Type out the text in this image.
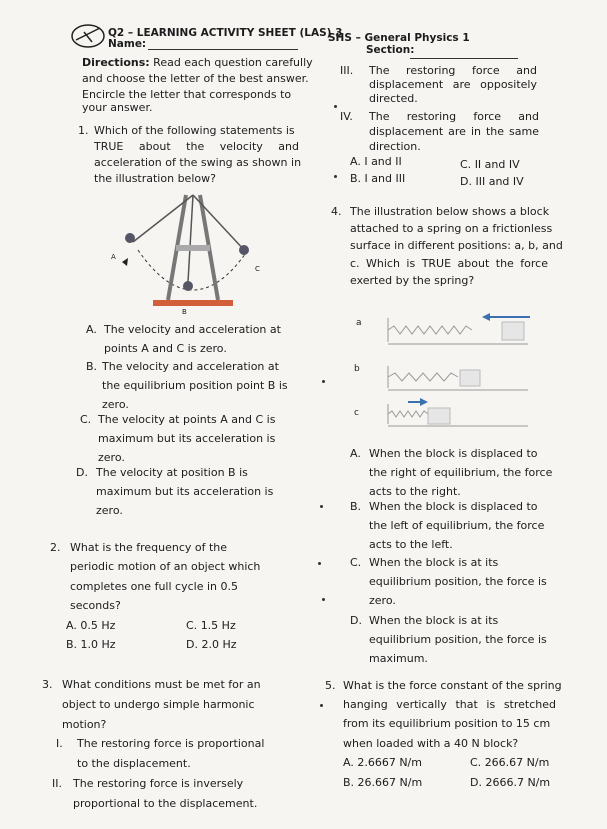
Q2 – LEARNING ACTIVITY SHEET (LAS) 3
Name:	SHS – General Physics 1
Section:
Directions: Read each question carefully
and choose the letter of the best answer.
Encircle the letter that corresponds to
your answer.
1. Which of the following statements is
TRUE about the velocity and
acceleration of the swing as shown in
the illustration below?
A
B
C
A. The velocity and acceleration at
points A and C is zero.
B. The velocity and acceleration at
the equilibrium position point B is
zero.
C. The velocity at points A and C is
maximum but its acceleration is
zero.
D. The velocity at position B is
maximum but its acceleration is
zero.
2. What is the frequency of the
periodic motion of an object which
completes one full cycle in 0.5
seconds?
A. 0.5 Hz	C. 1.5 Hz
B. 1.0 Hz	D. 2.0 Hz
3. What conditions must be met for an
object to undergo simple harmonic
motion?
I. The restoring force is proportional
to the displacement.
II. The restoring force is inversely
proportional to the displacement.
III. The restoring force and
displacement are oppositely
directed.
IV. The restoring force and
displacement are in the same
direction.
A. I and II	C. II and IV
B. I and III	D. III and IV
4. The illustration below shows a block
attached to a spring on a frictionless
surface in different positions: a, b, and
c. Which is TRUE about the force
exerted by the spring?
a
b
c
A. When the block is displaced to
the right of equilibrium, the force
acts to the right.
B. When the block is displaced to
the left of equilibrium, the force
acts to the left.
C. When the block is at its
equilibrium position, the force is
zero.
D. When the block is at its
equilibrium position, the force is
maximum.
5. What is the force constant of the spring
hanging vertically that is stretched
from its equilibrium position to 15 cm
when loaded with a 40 N block?
A. 2.6667 N/m	C. 266.67 N/m
B. 26.667 N/m	D. 2666.7 N/m
